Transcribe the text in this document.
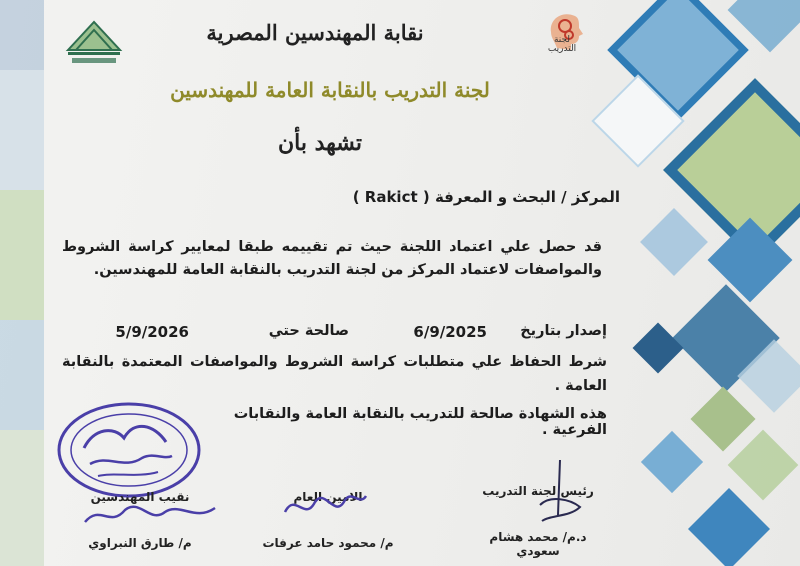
نقابة المهندسين المصرية	لجنة التدريب
لجنة التدريب بالنقابة العامة للمهندسين
تشهد بأن
المركز / البحث و المعرفة ( Rakict )
قد حصل علي اعتماد اللجنة حيث تم تقييمه طبقا لمعايير كراسة الشروط والمواصفات لاعتماد المركز من لجنة التدريب بالنقابة العامة للمهندسين.
إصدار بتاريخ
6/9/2025
صالحة حتي
5/9/2026
شرط الحفاظ علي متطلبات كراسة الشروط والمواصفات المعتمدة بالنقابة العامة .
هذه الشهادة صالحة للتدريب بالنقابة العامة والنقابات الفرعية .
رئيس لجنة التدريب
د.م/ محمد هشام سعودي
الامين العام
م/ محمود حامد عرفات
نقيب المهندسين
م/ طارق النبراوي
